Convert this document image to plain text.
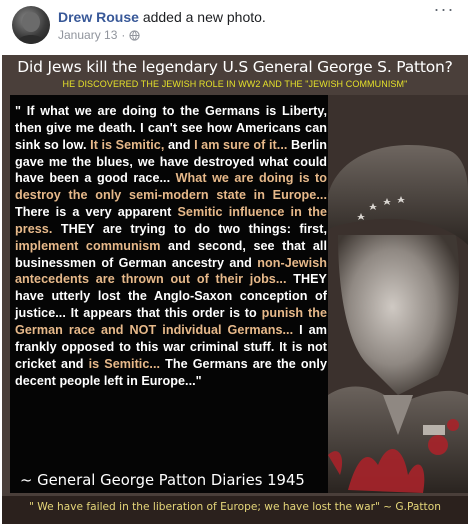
Drew Rouse added a new photo.
January 13 ·
···
Did Jews kill the legendary U.S General George S. Patton?
HE DISCOVERED THE JEWISH ROLE IN WW2 AND THE "JEWISH COMMUNISM"
" If what we are doing to the Germans is Liberty, then give me death. I can't see how Americans can sink so low. It is Semitic, and I am sure of it... Berlin gave me the blues, we have destroyed what could have been a good race... What we are doing is to destroy the only semi-modern state in Europe... There is a very apparent Semitic influence in the press. THEY are trying to do two things: first, implement communism and second, see that all businessmen of German ancestry and non-Jewish antecedents are thrown out of their jobs... THEY have utterly lost the Anglo-Saxon conception of justice... It appears that this order is to punish the German race and NOT individual Germans... I am frankly opposed to this war criminal stuff. It is not cricket and is Semitic... The Germans are the only decent people left in Europe..."
~ General George Patton Diaries 1945
" We have failed in the liberation of Europe; we have lost the war" ~ G.Patton
